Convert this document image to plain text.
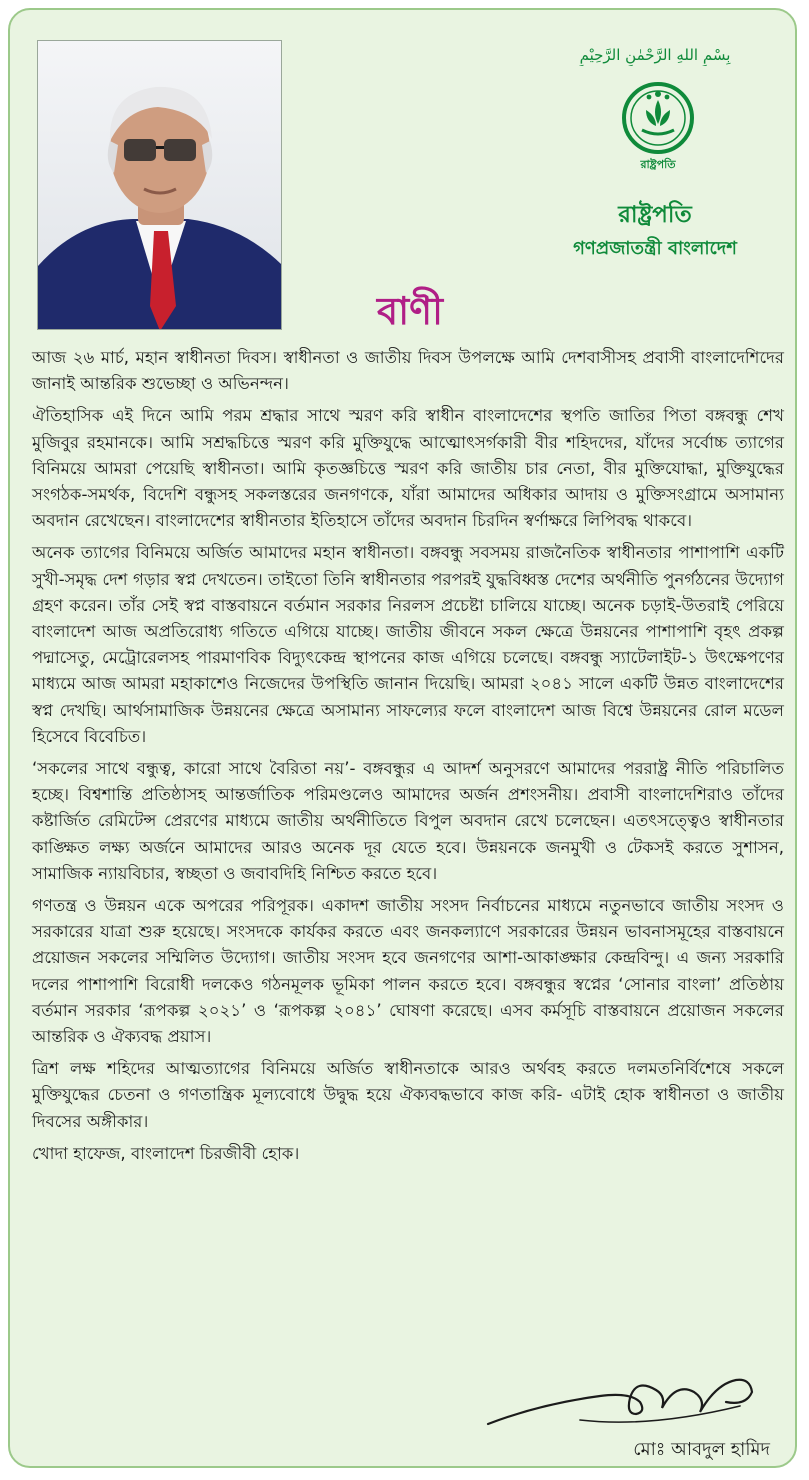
بِسْمِ اللهِ الرَّحْمٰنِ الرَّحِيْمِ
রাষ্ট্রপতি
রাষ্ট্রপতি
গণপ্রজাতন্ত্রী বাংলাদেশ
বাণী

আজ ২৬ মার্চ, মহান স্বাধীনতা দিবস। স্বাধীনতা ও জাতীয় দিবস উপলক্ষে আমি দেশবাসীসহ প্রবাসী বাংলাদেশিদের জানাই আন্তরিক শুভেচ্ছা ও অভিনন্দন।

ঐতিহাসিক এই দিনে আমি পরম শ্রদ্ধার সাথে স্মরণ করি স্বাধীন বাংলাদেশের স্থপতি জাতির পিতা বঙ্গবন্ধু শেখ মুজিবুর রহমানকে। আমি সশ্রদ্ধচিত্তে স্মরণ করি মুক্তিযুদ্ধে আত্মোৎসর্গকারী বীর শহিদদের, যাঁদের সর্বোচ্চ ত্যাগের বিনিময়ে আমরা পেয়েছি স্বাধীনতা। আমি কৃতজ্ঞচিত্তে স্মরণ করি জাতীয় চার নেতা, বীর মুক্তিযোদ্ধা, মুক্তিযুদ্ধের সংগঠক-সমর্থক, বিদেশি বন্ধুসহ সকলস্তরের জনগণকে, যাঁরা আমাদের অধিকার আদায় ও মুক্তিসংগ্রামে অসামান্য অবদান রেখেছেন। বাংলাদেশের স্বাধীনতার ইতিহাসে তাঁদের অবদান চিরদিন স্বর্ণাক্ষরে লিপিবদ্ধ থাকবে।

অনেক ত্যাগের বিনিময়ে অর্জিত আমাদের মহান স্বাধীনতা। বঙ্গবন্ধু সবসময় রাজনৈতিক স্বাধীনতার পাশাপাশি একটি সুখী-সমৃদ্ধ দেশ গড়ার স্বপ্ন দেখতেন। তাইতো তিনি স্বাধীনতার পরপরই যুদ্ধবিধ্বস্ত দেশের অর্থনীতি পুনর্গঠনের উদ্যোগ গ্রহণ করেন। তাঁর সেই স্বপ্ন বাস্তবায়নে বর্তমান সরকার নিরলস প্রচেষ্টা চালিয়ে যাচ্ছে। অনেক চড়াই-উতরাই পেরিয়ে বাংলাদেশ আজ অপ্রতিরোধ্য গতিতে এগিয়ে যাচ্ছে। জাতীয় জীবনে সকল ক্ষেত্রে উন্নয়নের পাশাপাশি বৃহৎ প্রকল্প পদ্মাসেতু, মেট্রোরেলসহ পারমাণবিক বিদ্যুৎকেন্দ্র স্থাপনের কাজ এগিয়ে চলেছে। বঙ্গবন্ধু স্যাটেলাইট-১ উৎক্ষেপণের মাধ্যমে আজ আমরা মহাকাশেও নিজেদের উপস্থিতি জানান দিয়েছি। আমরা ২০৪১ সালে একটি উন্নত বাংলাদেশের স্বপ্ন দেখছি। আর্থসামাজিক উন্নয়নের ক্ষেত্রে অসামান্য সাফল্যের ফলে বাংলাদেশ আজ বিশ্বে উন্নয়নের রোল মডেল হিসেবে বিবেচিত।

‘সকলের সাথে বন্ধুত্ব, কারো সাথে বৈরিতা নয়’- বঙ্গবন্ধুর এ আদর্শ অনুসরণে আমাদের পররাষ্ট্র নীতি পরিচালিত হচ্ছে। বিশ্বশান্তি প্রতিষ্ঠাসহ আন্তর্জাতিক পরিমণ্ডলেও আমাদের অর্জন প্রশংসনীয়। প্রবাসী বাংলাদেশিরাও তাঁদের কষ্টার্জিত রেমিটেন্স প্রেরণের মাধ্যমে জাতীয় অর্থনীতিতে বিপুল অবদান রেখে চলেছেন। এতৎসত্ত্বেও স্বাধীনতার কাঙ্ক্ষিত লক্ষ্য অর্জনে আমাদের আরও অনেক দূর যেতে হবে। উন্নয়নকে জনমুখী ও টেকসই করতে সুশাসন, সামাজিক ন্যায়বিচার, স্বচ্ছতা ও জবাবদিহি নিশ্চিত করতে হবে।

গণতন্ত্র ও উন্নয়ন একে অপরের পরিপূরক। একাদশ জাতীয় সংসদ নির্বাচনের মাধ্যমে নতুনভাবে জাতীয় সংসদ ও সরকারের যাত্রা শুরু হয়েছে। সংসদকে কার্যকর করতে এবং জনকল্যাণে সরকারের উন্নয়ন ভাবনাসমূহের বাস্তবায়নে প্রয়োজন সকলের সম্মিলিত উদ্যোগ। জাতীয় সংসদ হবে জনগণের আশা-আকাঙ্ক্ষার কেন্দ্রবিন্দু। এ জন্য সরকারি দলের পাশাপাশি বিরোধী দলকেও গঠনমূলক ভূমিকা পালন করতে হবে। বঙ্গবন্ধুর স্বপ্নের ‘সোনার বাংলা’ প্রতিষ্ঠায় বর্তমান সরকার ‘রূপকল্প ২০২১’ ও ‘রূপকল্প ২০৪১’ ঘোষণা করেছে। এসব কর্মসূচি বাস্তবায়নে প্রয়োজন সকলের আন্তরিক ও ঐক্যবদ্ধ প্রয়াস।

ত্রিশ লক্ষ শহিদের আত্মত্যাগের বিনিময়ে অর্জিত স্বাধীনতাকে আরও অর্থবহ করতে দলমতনির্বিশেষে সকলে মুক্তিযুদ্ধের চেতনা ও গণতান্ত্রিক মূল্যবোধে উদ্বুদ্ধ হয়ে ঐক্যবদ্ধভাবে কাজ করি- এটাই হোক স্বাধীনতা ও জাতীয় দিবসের অঙ্গীকার।

খোদা হাফেজ, বাংলাদেশ চিরজীবী হোক।

মোঃ আবদুল হামিদ
